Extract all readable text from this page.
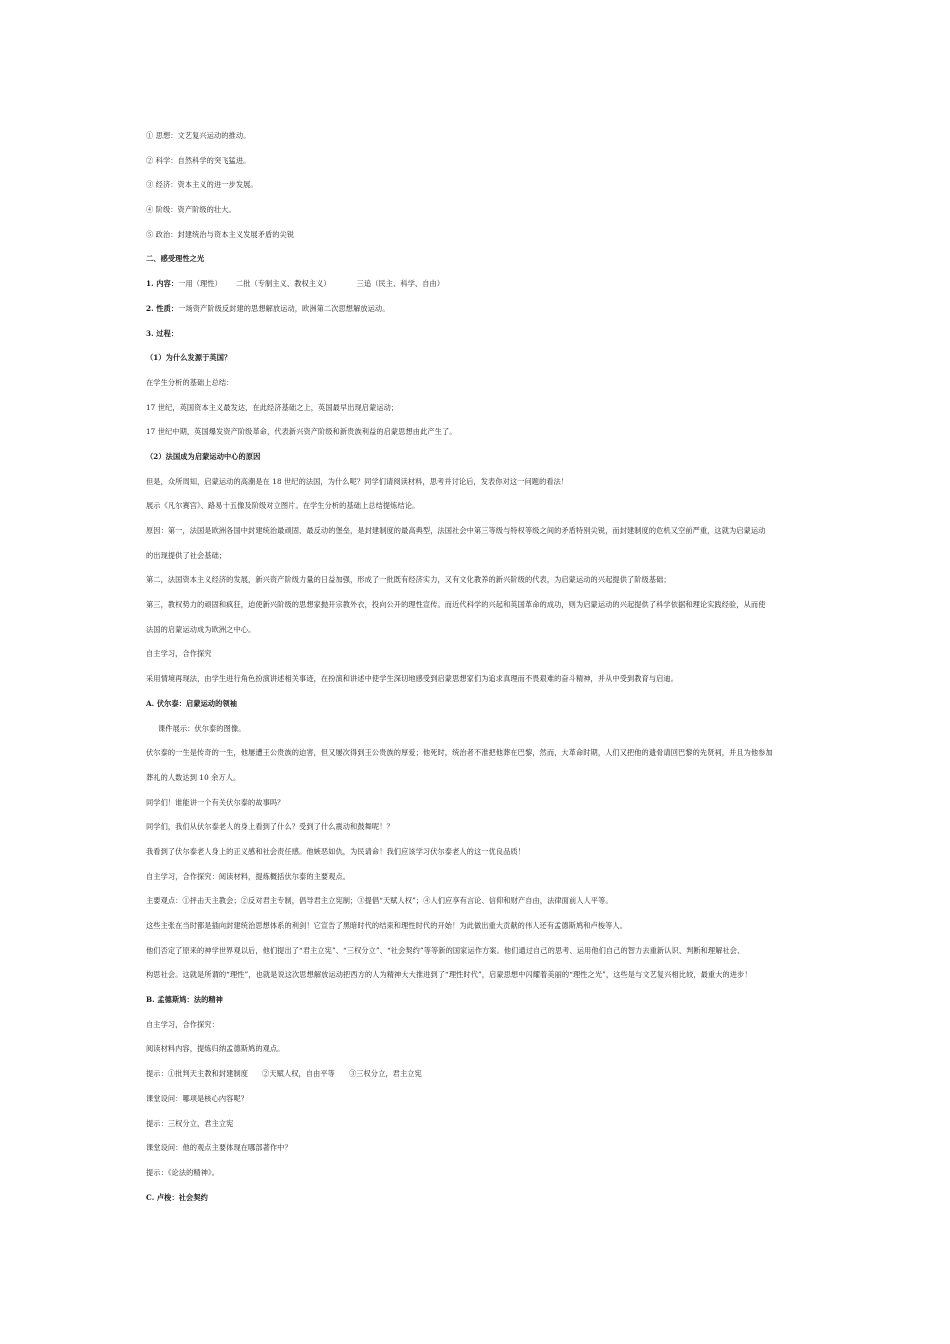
① 思想：文艺复兴运动的推动。
② 科学：自然科学的突飞猛进。
③ 经济：资本主义的进一步发展。
④ 阶级：资产阶级的壮大。
⑤ 政治：封建统治与资本主义发展矛盾的尖锐
二、感受理性之光
1. 内容：一用（理性） 二批（专制主义、教权主义）	三追（民主、科学、自由）
2. 性质：一场资产阶级反封建的思想解放运动，欧洲第二次思想解放运动。
3. 过程：
（1）为什么发源于英国？
在学生分析的基础上总结：
17 世纪，英国资本主义最发达，在此经济基础之上，英国最早出现启蒙运动；
17 世纪中期，英国爆发资产阶级革命，代表新兴资产阶级和新贵族利益的启蒙思想由此产生了。
（2）法国成为启蒙运动中心的原因
但是，众所周知，启蒙运动的高潮是在 18 世纪的法国，为什么呢？同学们请阅读材料，思考并讨论后，发表你对这一问题的看法！
展示《凡尔赛宫》、路易十五像及阶级对立图片。在学生分析的基础上总结提炼结论。
原因：第一，法国是欧洲各国中封建统治最顽固、最反动的堡垒，是封建制度的最高典型，法国社会中第三等级与特权等级之间的矛盾特别尖锐，而封建制度的危机又空前严重，这就为启蒙运动
的出现提供了社会基础；
第二，法国资本主义经济的发展，新兴资产阶级力量的日益加强，形成了一批既有经济实力，又有文化教养的新兴阶级的代表，为启蒙运动的兴起提供了阶级基础；
第三，教权势力的顽固和疯狂，迫使新兴阶级的思想家抛开宗教外衣，投向公开的理性宣传。而近代科学的兴起和英国革命的成功，则为启蒙运动的兴起提供了科学依据和理论实践经验，从而使
法国的启蒙运动成为欧洲之中心。
自主学习，合作探究
采用情境再现法，由学生进行角色扮演讲述相关事迹，在扮演和讲述中使学生深切地感受到启蒙思想家们为追求真理而不畏艰难的奋斗精神，并从中受到教育与启迪。
A. 伏尔泰：启蒙运动的领袖
课件展示：伏尔泰的图像。
伏尔泰的一生是传奇的一生，他屡遭王公贵族的迫害，但又屡次得到王公贵族的厚爱；他死时，统治者不准把他葬在巴黎，然而，大革命时期，人们又把他的遗骨请回巴黎的先贤祠，并且为他参加
葬礼的人数达到 10 余万人。
同学们！谁能讲一个有关伏尔泰的故事吗？
同学们，我们从伏尔泰老人的身上看到了什么？受到了什么震动和鼓舞呢！？
我看到了伏尔泰老人身上的正义感和社会责任感。他嫉恶如仇，为民请命！我们应该学习伏尔泰老人的这一优良品质！
自主学习，合作探究：阅读材料，提炼概括伏尔泰的主要观点。
主要观点：①抨击天主教会；②反对君主专制，倡导君主立宪制；③提倡“天赋人权”；④人们应享有言论、信仰和财产自由，法律面前人人平等。
这些主张在当时都是插向封建统治思想体系的利剑！它宣告了黑暗时代的结束和理性时代的开始！为此做出重大贡献的伟人还有孟德斯鸠和卢梭等人。
他们否定了原来的神学世界观以后，他们提出了“君主立宪”、“三权分立”、“社会契约”等等新的国家运作方案。他们通过自己的思考、运用他们自己的智力去重新认识、判断和理解社会、
构思社会。这就是所谓的“理性”，也就是说这次思想解放运动把西方的人为精神大大推进到了“理性时代”，启蒙思想中闪耀着美丽的“理性之光”，这些是与文艺复兴相比较，最重大的进步！
B. 孟德斯鸠：法的精神
自主学习，合作探究：
阅读材料内容，提炼归纳孟德斯鸠的观点。
提示：①批判天主教和封建制度 ②天赋人权，自由平等 ③三权分立，君主立宪
课堂设问：哪项是核心内容呢？
提示：三权分立，君主立宪
课堂设问：他的观点主要体现在哪部著作中？
提示：《论法的精神》。
C. 卢梭：社会契约
